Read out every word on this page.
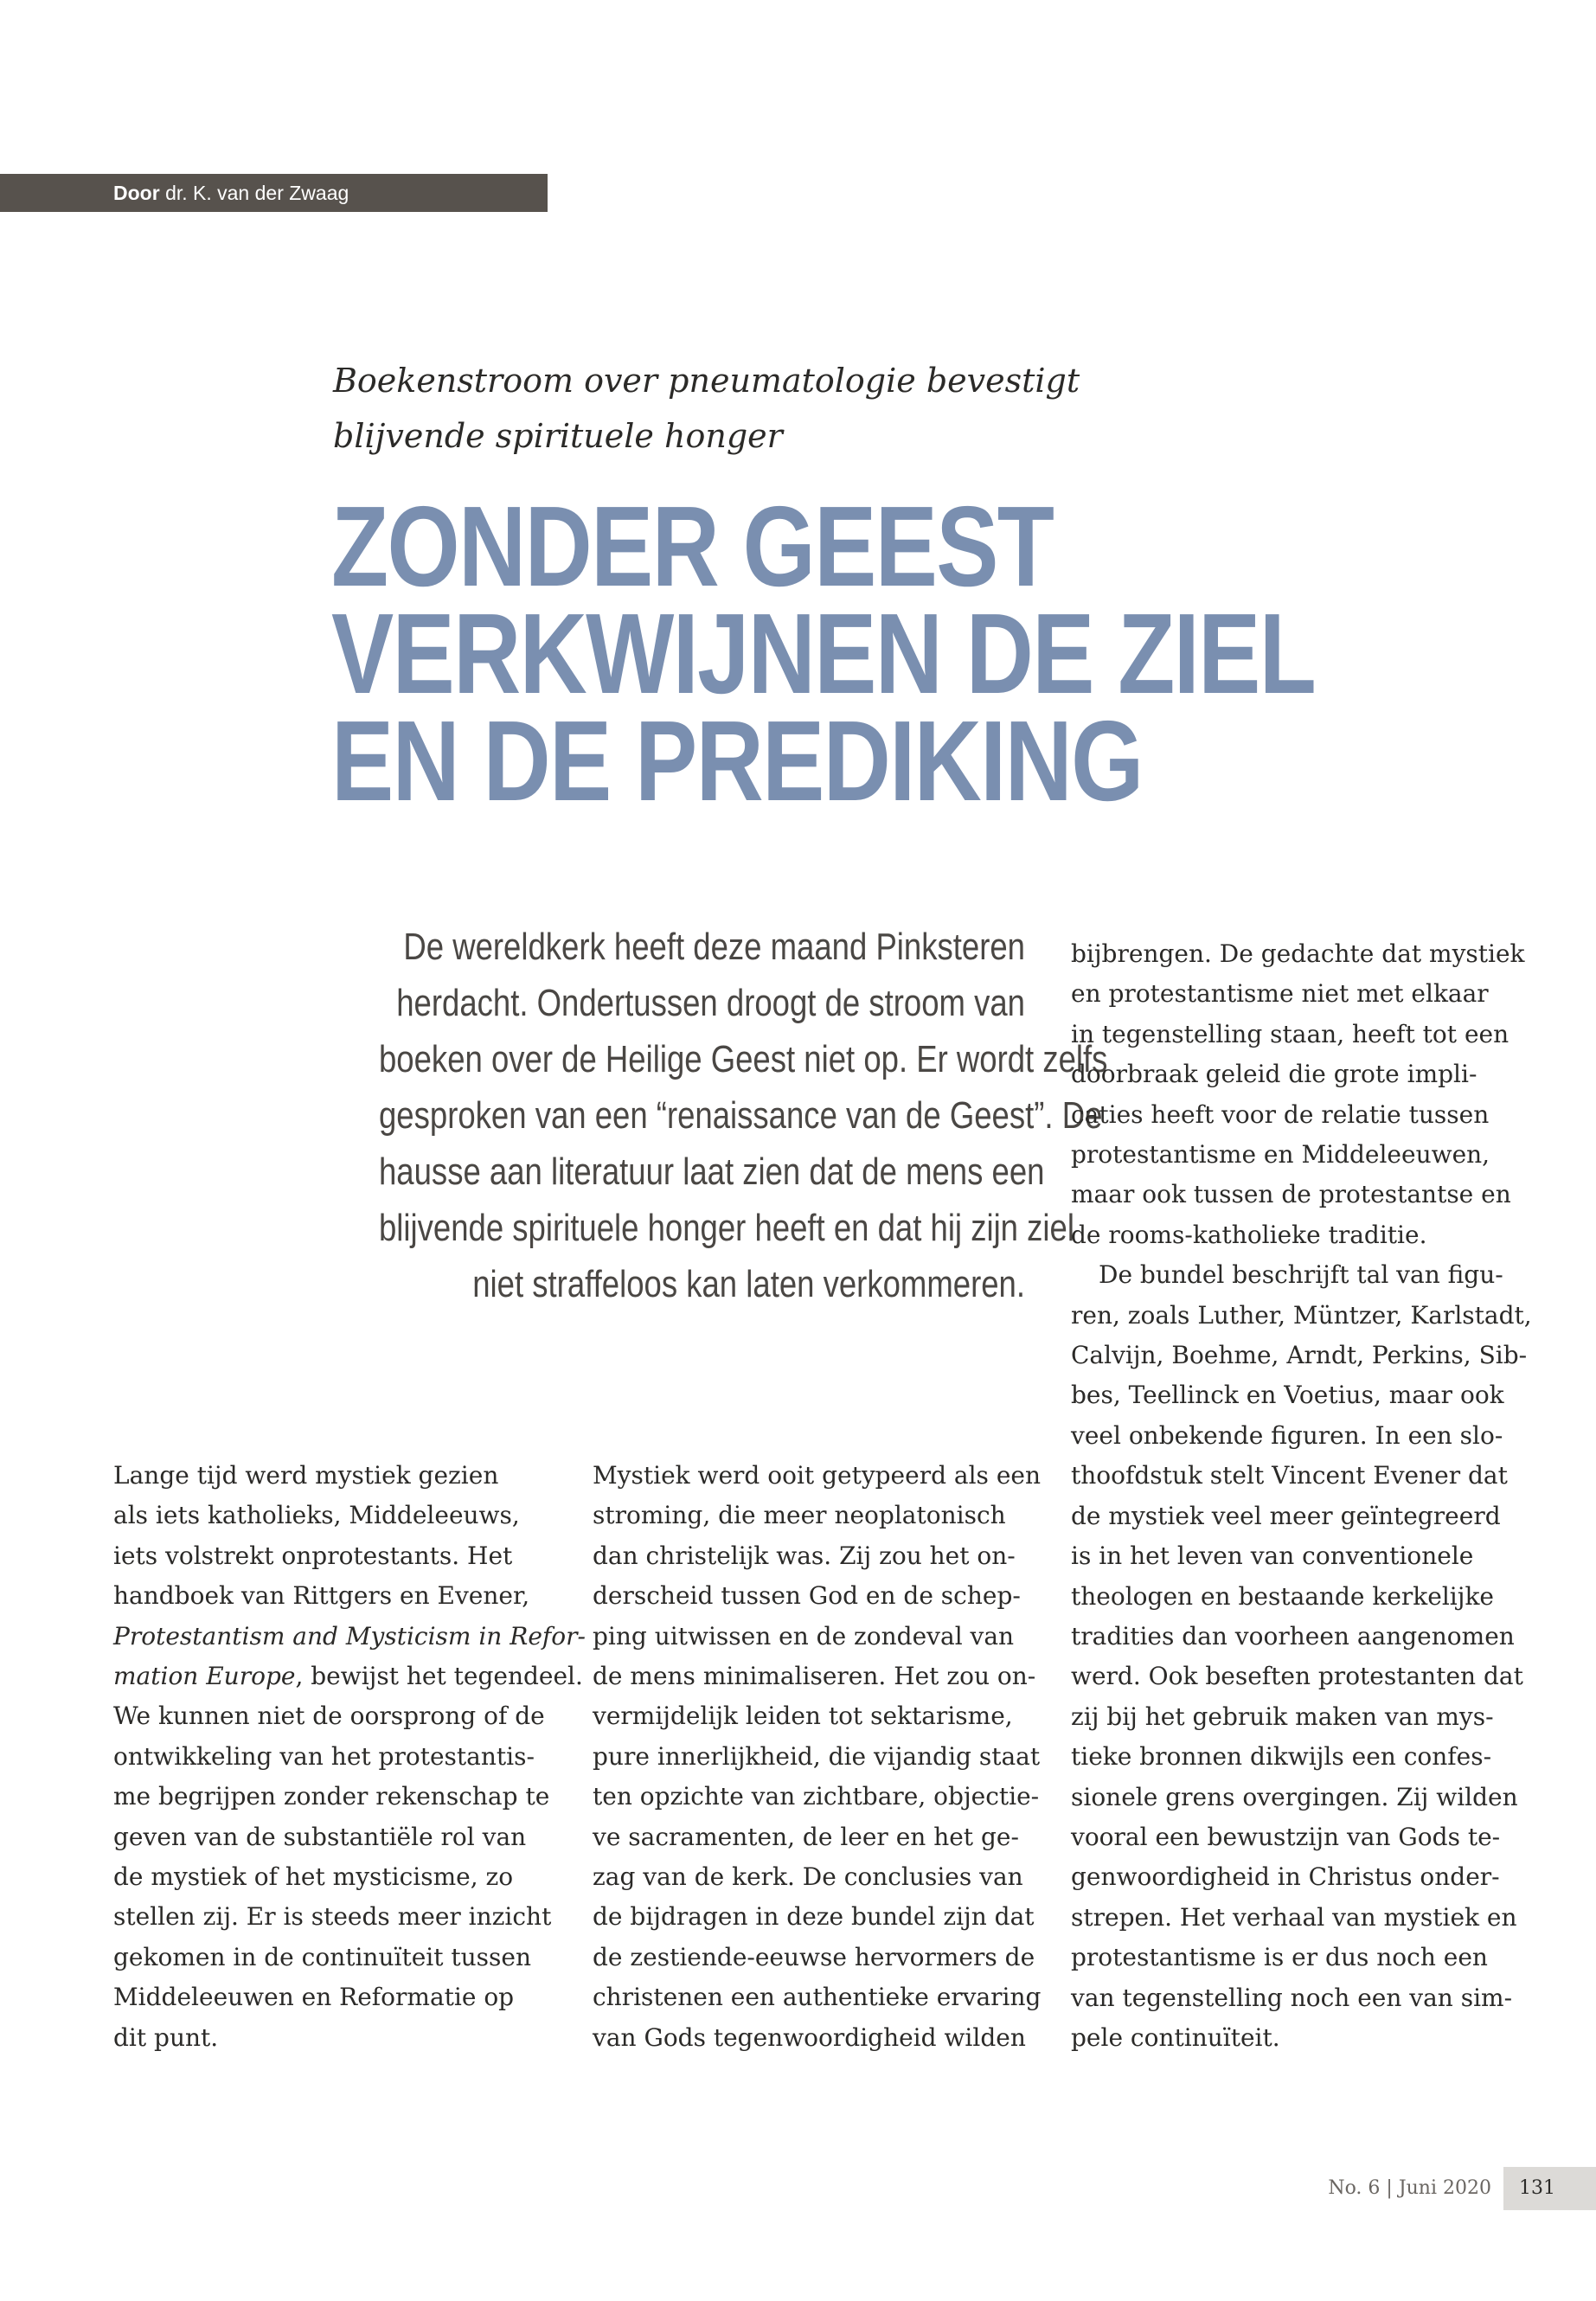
Door dr. K. van der Zwaag
Boekenstroom over pneumatologie bevestigt
blijvende spirituele honger
ZONDER GEEST
VERKWIJNEN DE ZIEL
EN DE PREDIKING
De wereldkerk heeft deze maand Pinksteren
herdacht. Ondertussen droogt de stroom van
boeken over de Heilige Geest niet op. Er wordt zelfs
gesproken van een “renaissance van de Geest”. De
hausse aan literatuur laat zien dat de mens een
blijvende spirituele honger heeft en dat hij zijn ziel
niet straffeloos kan laten verkommeren.
Lange tijd werd mystiek gezien
als iets katholieks, Middeleeuws,
iets volstrekt onprotestants. Het
handboek van Rittgers en Evener,
Protestantism and Mysticism in Refor-
mation Europe, bewijst het tegendeel.
We kunnen niet de oorsprong of de
ontwikkeling van het protestantis-
me begrijpen zonder rekenschap te
geven van de substantiële rol van
de mystiek of het mysticisme, zo
stellen zij. Er is steeds meer inzicht
gekomen in de continuïteit tussen
Middeleeuwen en Reformatie op
dit punt.
Mystiek werd ooit getypeerd als een
stroming, die meer neoplatonisch
dan christelijk was. Zij zou het on-
derscheid tussen God en de schep-
ping uitwissen en de zondeval van
de mens minimaliseren. Het zou on-
vermijdelijk leiden tot sektarisme,
pure innerlijkheid, die vijandig staat
ten opzichte van zichtbare, objectie-
ve sacramenten, de leer en het ge-
zag van de kerk. De conclusies van
de bijdragen in deze bundel zijn dat
de zestiende-eeuwse hervormers de
christenen een authentieke ervaring
van Gods tegenwoordigheid wilden
bijbrengen. De gedachte dat mystiek
en protestantisme niet met elkaar
in tegenstelling staan, heeft tot een
doorbraak geleid die grote impli-
caties heeft voor de relatie tussen
protestantisme en Middeleeuwen,
maar ook tussen de protestantse en
de rooms-katholieke traditie.
De bundel beschrijft tal van figu-
ren, zoals Luther, Müntzer, Karlstadt,
Calvijn, Boehme, Arndt, Perkins, Sib-
bes, Teellinck en Voetius, maar ook
veel onbekende figuren. In een slo-
thoofdstuk stelt Vincent Evener dat
de mystiek veel meer geïntegreerd
is in het leven van conventionele
theologen en bestaande kerkelijke
tradities dan voorheen aangenomen
werd. Ook beseften protestanten dat
zij bij het gebruik maken van mys-
tieke bronnen dikwijls een confes-
sionele grens overgingen. Zij wilden
vooral een bewustzijn van Gods te-
genwoordigheid in Christus onder-
strepen. Het verhaal van mystiek en
protestantisme is er dus noch een
van tegenstelling noch een van sim-
pele continuïteit.
No. 6 | Juni 2020	131
